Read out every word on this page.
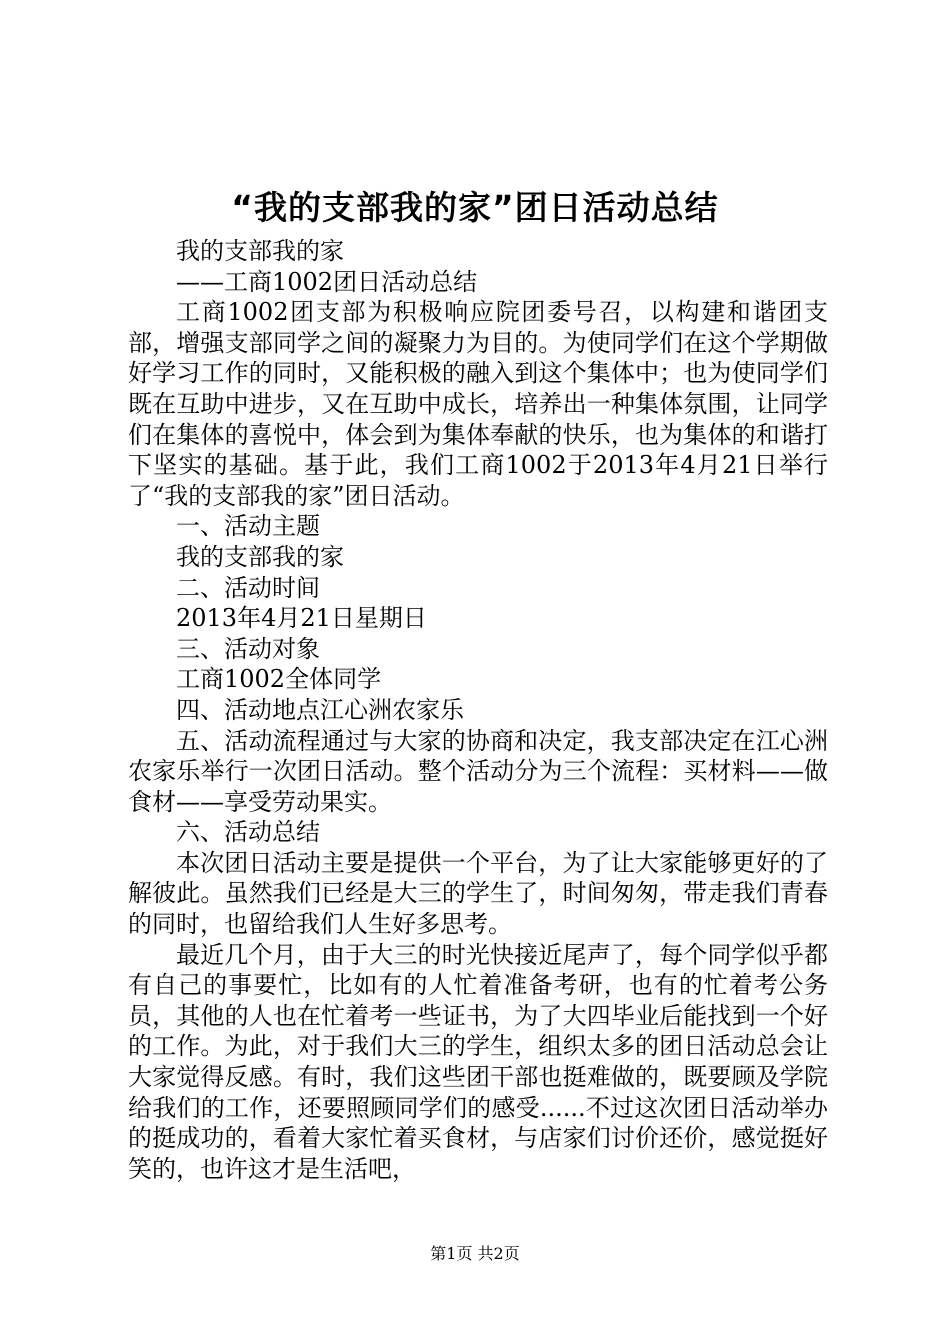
“我的支部我的家”团日活动总结

我的支部我的家

——工商1002团日活动总结

工商1002团支部为积极响应院团委号召，以构建和谐团支部，增强支部同学之间的凝聚力为目的。为使同学们在这个学期做好学习工作的同时，又能积极的融入到这个集体中；也为使同学们既在互助中进步，又在互助中成长，培养出一种集体氛围，让同学们在集体的喜悦中，体会到为集体奉献的快乐，也为集体的和谐打下坚实的基础。基于此，我们工商1002于2013年4月21日举行了“我的支部我的家”团日活动。

一、活动主题

我的支部我的家

二、活动时间

2013年4月21日星期日

三、活动对象

工商1002全体同学

四、活动地点江心洲农家乐

五、活动流程通过与大家的协商和决定，我支部决定在江心洲农家乐举行一次团日活动。整个活动分为三个流程：买材料——做食材——享受劳动果实。

六、活动总结

本次团日活动主要是提供一个平台，为了让大家能够更好的了解彼此。虽然我们已经是大三的学生了，时间匆匆，带走我们青春的同时，也留给我们人生好多思考。

最近几个月，由于大三的时光快接近尾声了，每个同学似乎都有自己的事要忙，比如有的人忙着准备考研，也有的忙着考公务员，其他的人也在忙着考一些证书，为了大四毕业后能找到一个好的工作。为此，对于我们大三的学生，组织太多的团日活动总会让大家觉得反感。有时，我们这些团干部也挺难做的，既要顾及学院给我们的工作，还要照顾同学们的感受......不过这次团日活动举办的挺成功的，看着大家忙着买食材，与店家们讨价还价，感觉挺好笑的，也许这才是生活吧，

第1页 共2页
